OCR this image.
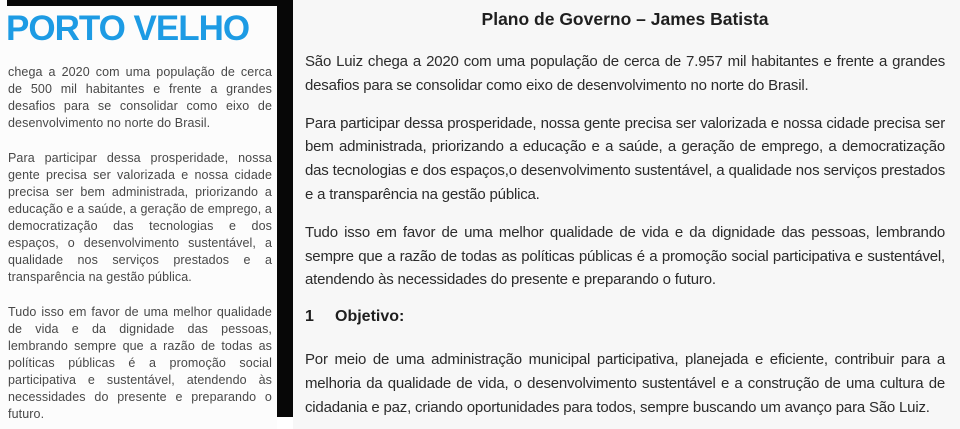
PORTO VELHO

chega a 2020 com uma população de cerca de 500 mil habitantes e frente a grandes desafios para se consolidar como eixo de desenvolvimento no norte do Brasil.

Para participar dessa prosperidade, nossa gente precisa ser valorizada e nossa cidade precisa ser bem administrada, priorizando a educação e a saúde, a geração de emprego, a democratização das tecnologias e dos espaços, o desenvolvimento sustentável, a qualidade nos serviços prestados e a transparência na gestão pública.

Tudo isso em favor de uma melhor qualidade de vida e da dignidade das pessoas, lembrando sempre que a razão de todas as políticas públicas é a promoção social participativa e sustentável, atendendo às necessidades do presente e preparando o futuro.

Plano de Governo – James Batista

São Luiz chega a 2020 com uma população de cerca de 7.957 mil habitantes e frente a grandes desafios para se consolidar como eixo de desenvolvimento no norte do Brasil.

Para participar dessa prosperidade, nossa gente precisa ser valorizada e nossa cidade precisa ser bem administrada, priorizando a educação e a saúde, a geração de emprego, a democratização das tecnologias e dos espaços,o desenvolvimento sustentável, a qualidade nos serviços prestados e a transparência na gestão pública.

Tudo isso em favor de uma melhor qualidade de vida e da dignidade das pessoas, lembrando sempre que a razão de todas as políticas públicas é a promoção social participativa e sustentável, atendendo às necessidades do presente e preparando o futuro.

1 Objetivo:

Por meio de uma administração municipal participativa, planejada e eficiente, contribuir para a melhoria da qualidade de vida, o desenvolvimento sustentável e a construção de uma cultura de cidadania e paz, criando oportunidades para todos, sempre buscando um avanço para São Luiz.
